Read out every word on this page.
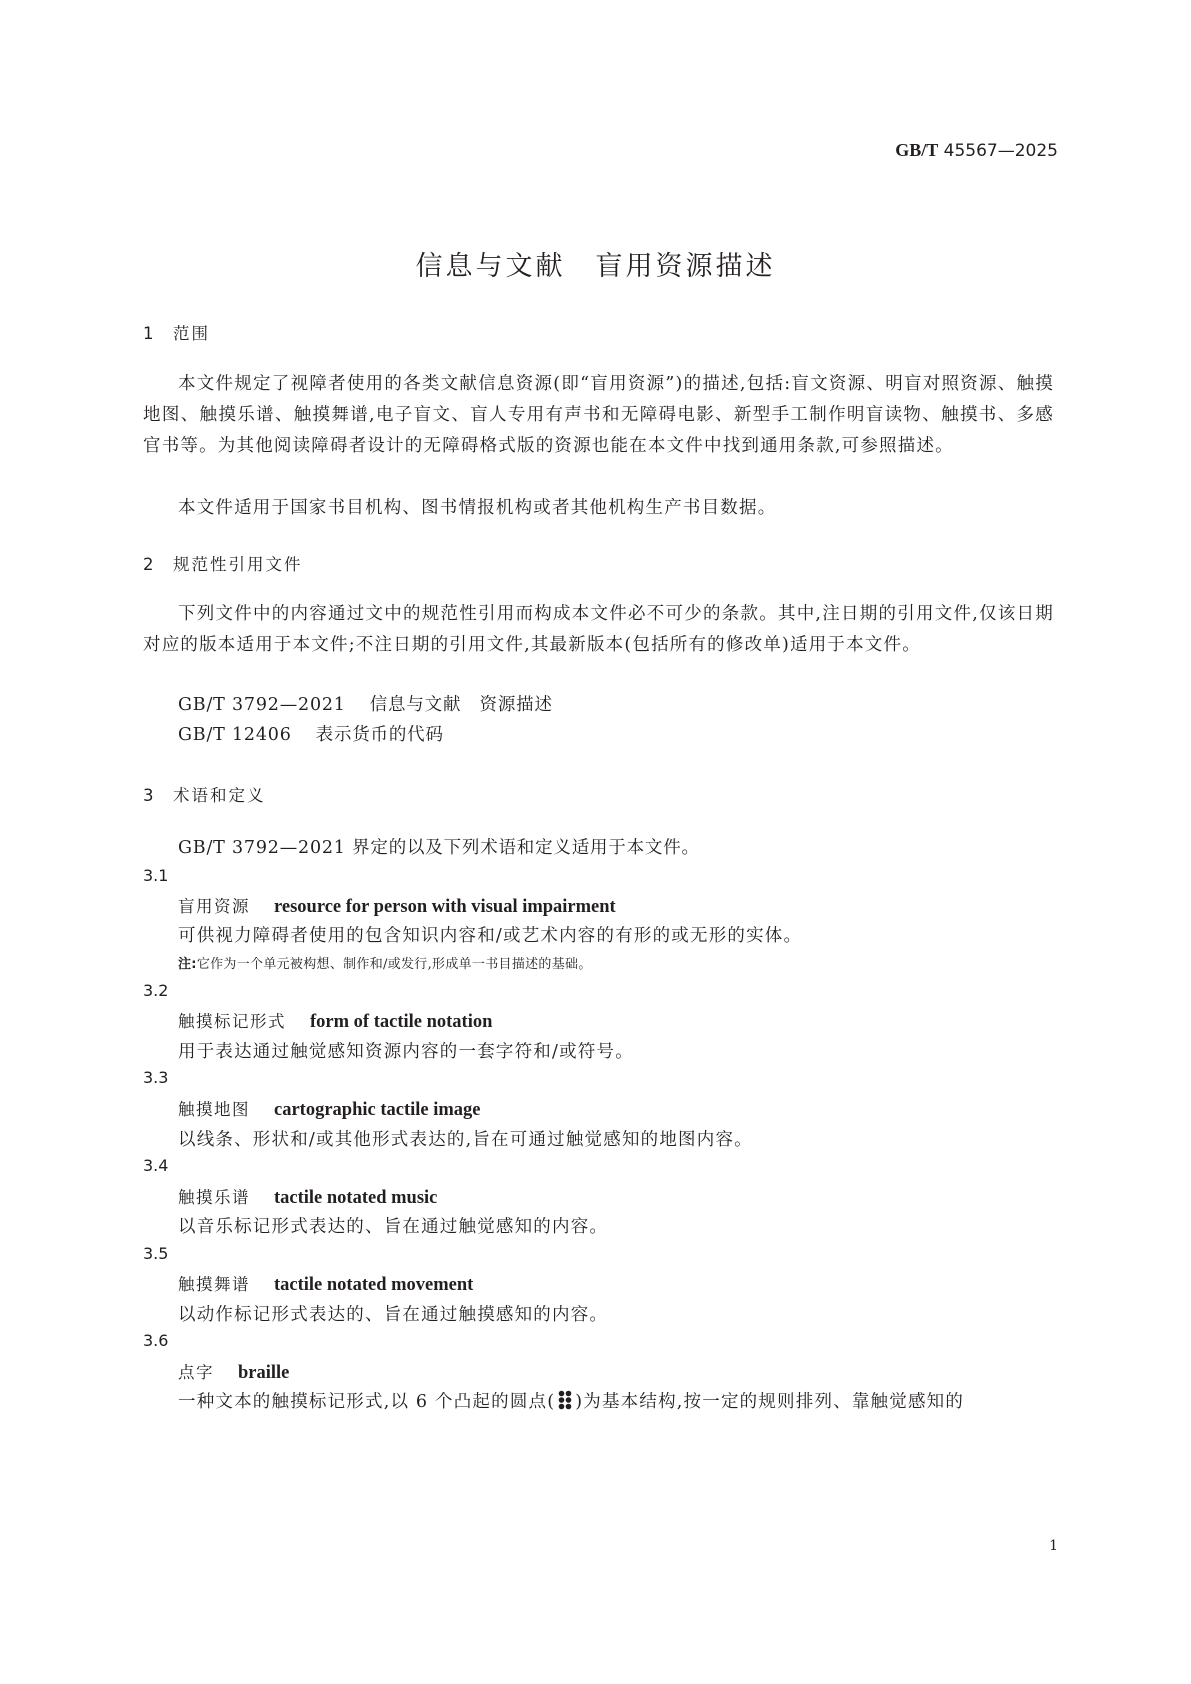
GB/T 45567—2025
信息与文献　盲用资源描述
1 范围
本文件规定了视障者使用的各类文献信息资源(即“盲用资源”)的描述,包括:盲文资源、明盲对照资源、触摸地图、触摸乐谱、触摸舞谱,电子盲文、盲人专用有声书和无障碍电影、新型手工制作明盲读物、触摸书、多感官书等。为其他阅读障碍者设计的无障碍格式版的资源也能在本文件中找到通用条款,可参照描述。
本文件适用于国家书目机构、图书情报机构或者其他机构生产书目数据。
2 规范性引用文件
下列文件中的内容通过文中的规范性引用而构成本文件必不可少的条款。其中,注日期的引用文件,仅该日期对应的版本适用于本文件;不注日期的引用文件,其最新版本(包括所有的修改单)适用于本文件。
GB/T 3792—2021 信息与文献　资源描述
GB/T 12406 表示货币的代码
3 术语和定义
GB/T 3792—2021 界定的以及下列术语和定义适用于本文件。
3.1
盲用资源 resource for person with visual impairment
可供视力障碍者使用的包含知识内容和/或艺术内容的有形的或无形的实体。
注:它作为一个单元被构想、制作和/或发行,形成单一书目描述的基础。
3.2
触摸标记形式 form of tactile notation
用于表达通过触觉感知资源内容的一套字符和/或符号。
3.3
触摸地图 cartographic tactile image
以线条、形状和/或其他形式表达的,旨在可通过触觉感知的地图内容。
3.4
触摸乐谱 tactile notated music
以音乐标记形式表达的、旨在通过触觉感知的内容。
3.5
触摸舞谱 tactile notated movement
以动作标记形式表达的、旨在通过触摸感知的内容。
3.6
点字 braille
一种文本的触摸标记形式,以 6 个凸起的圆点( )为基本结构,按一定的规则排列、靠触觉感知的
1
